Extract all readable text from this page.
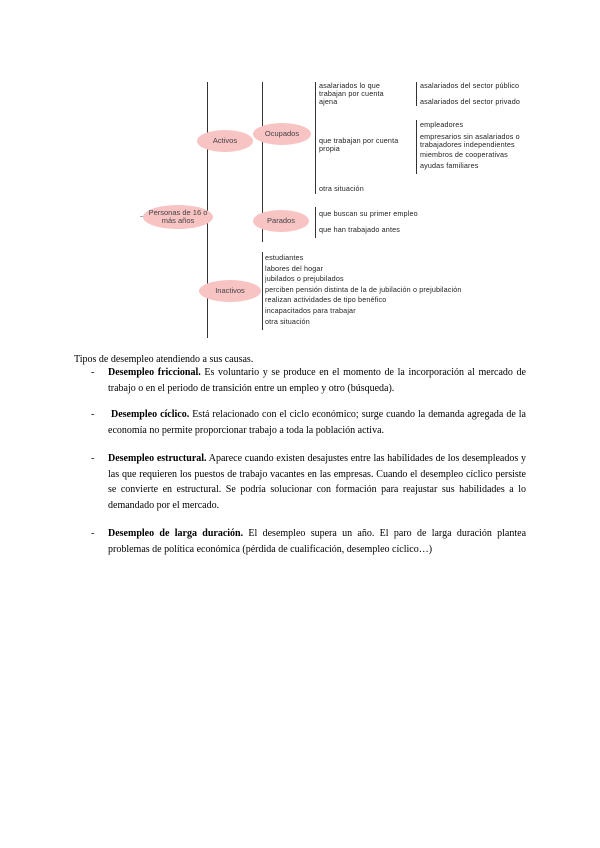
Personas de 16 o más años
Activos
Ocupados
Parados
Inactivos
asalariados lo que
trabajan por cuenta
ajena
asalariados del sector público
asalariados del sector privado
que trabajan por cuenta
propia
empleadores
empresarios sin asalariados o
trabajadores independientes
miembros de cooperativas
ayudas familiares
otra situación
que buscan su primer empleo
que han trabajado antes
estudiantes
labores del hogar
jubilados o prejubilados
perciben pensión distinta de la de jubilación o prejubilación
realizan actividades de tipo benéfico
incapacitados para trabajar
otra situación
Tipos de desempleo atendiendo a sus causas.
- Desempleo friccional. Es voluntario y se produce en el momento de la incorporación al mercado de trabajo o en el periodo de transición entre un empleo y otro (búsqueda).
- Desempleo cíclico. Está relacionado con el ciclo económico; surge cuando la demanda agregada de la economía no permite proporcionar trabajo a toda la población activa.
- Desempleo estructural. Aparece cuando existen desajustes entre las habilidades de los desempleados y las que requieren los puestos de trabajo vacantes en las empresas. Cuando el desempleo cíclico persiste se convierte en estructural. Se podría solucionar con formación para reajustar sus habilidades a lo demandado por el mercado.
- Desempleo de larga duración. El desempleo supera un año. El paro de larga duración plantea problemas de política económica (pérdida de cualificación, desempleo cíclico…)
